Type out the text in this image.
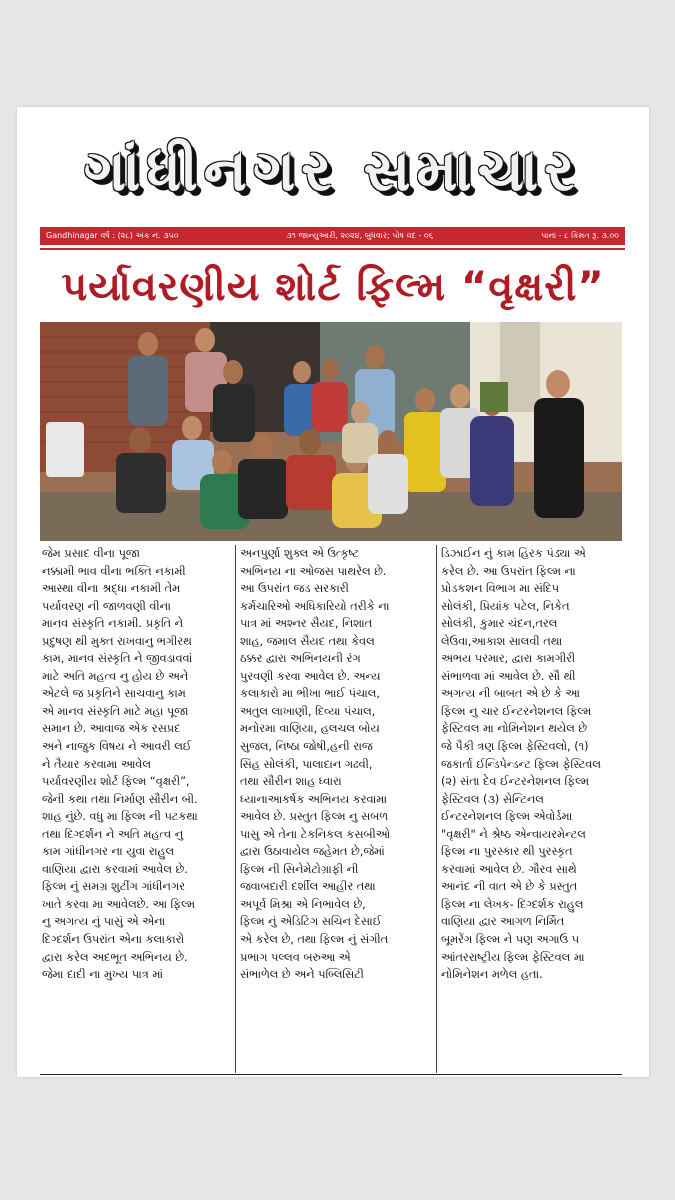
ગાંધીનગર સમાચાર
Gandhinagar વર્ષ : (૨૮) અંક નં. ૩૫૦	૩૧ જાન્યુઆરી, ૨૦૨૪, બુધવાર; પોષ વદ - ૦૬	પાનાં - ૮ કિંમત રૂ. ૩.૦૦
પર્યાવરણીય શોર્ટ ફિલ્મ “વૃક્ષરી”
જેમ પ્રસાદ વીના પૂજા
નક્કામી ભાવ વીના ભક્તિ નકામી
આસ્થા વીના શ્રદ્ધા નકામી તેમ
પર્યાવરણ ની જાળવણી વીના
માનવ સંસ્કૃતિ નકામી. પ્રકૃતિ ને
પ્રદુષણ થી મુક્ત રાખવાનુ ભગીરથ
કામ, માનવ સંસ્કૃતિ ને જીવડાવવાં
માટે અતિ મહત્વ નુ હોય છે અને
એટલે જ પ્રકૃતિને સાચવાનુ કામ
એ માનવ સંસ્કૃતિ માટે મહા પૂજા
સમાન છે. આવાજ એક રસપ્રદ
અને નાજુક વિષય ને આવરી લઈ
ને તૈયાર કરવામા આવેલ
પર્યાવરણીય શોર્ટ ફિલ્મ “વૃક્ષરી”,
જેની કથા તથા નિર્માણ સૌરીન બી.
શાહ નુંછે. વધુ મા ફિલ્મ ની પટકથા
તથા દિગ્દર્શન ને અતિ મહત્વ નુ
કામ ગાંધીનગર ના યુવા રાહુલ
વાણિયા દ્વારા કરવામાં આવેલ છે.
ફિલ્મ નું સમગ્ર શુટીંગ ગાંધીનગર
ખાતે કરવા મા આવેલછે. આ ફિલ્મ
નુ અગત્ય નું પાસું એ એના
દિગ્દર્શન ઉપરાંત એના કલાકારો
દ્વારા કરેલ અદભૂત અભિનય છે.
જેમા દાદી ના મુખ્ય પાત્ર માં
અનપુર્ણા શુક્લ એ ઉત્કૃષ્ટ
અભિનય ના ઓજસ પાથરેલ છે.
આ ઉપરાંત જડ સરકારી
કર્મચારિઓ અધિકારિયો તરીકે ના
પાત્ર માં અશ્નર સૈયદ, નિશાત
શાહ, જમાલ સૈયદ તથા કેવલ
ઠક્કર દ્વારા અભિનયની રંગ
પુરવણી કરવા આવેલ છે. અન્ય
કલાકારો મા ભીખા ભાઈ પંચાલ,
અતુલ લાખાણી, દિવ્યા પંચાલ,
મનોરમા વાણિયા, હલચલ બોય
સુજલ, નિષ્ઠા જોષી,હની રાજ
સિંહ સોલંકી, પાલાદાન ગઢવી,
તથા સૌરીન શાહ ધ્વારા
ધ્યાનાઆકર્ષક અભિનય કરવામા
આવેલ છે. પ્રસ્તુત ફિલ્મ નુ સબળ
પાસુ એ તેના ટેકનિકલ કસબીઓ
દ્વારા ઉઠાવાયેલ જહેમત છે,જેમાં
ફિલ્મ ની સિનેમેટોગ્રાફી ની
જવાબદારી દર્શીલ આહીર તથા
અપૂર્વ મિશ્રા એ નિભાવેલ છે,
ફિલ્મ નું એડિટિંગ સચિન દેસાઈ
એ કરેલ છે, તથા ફિલ્મ નું સંગીત
પ્રભાગ પલ્લવ બરુઆ એ
સંભાળેલ છે અને પબ્લિસિટી
ડિઝાઈન નું કામ હિરક પંડ્યા એ
કરેલ છે. આ ઉપરાંત ફિલ્મ ના
પ્રોડકશન વિભાગ મા સંદિપ
સોલંકી, પ્રિયાંક પટેલ, નિકેત
સોલંકી, કુમાર ચંદન,તરલ
લેઉવા,આકાશ સાલવી તથા
અભય પરમાર, દ્વારા કામગીરી
સંભાળવા માં આવેલ છે. સૌ થી
અગત્ય ની બાબત એ છે કે આ
ફિલ્મ નુ ચાર ઈન્ટરનેશનલ ફિલ્મ
ફેસ્ટિવલ મા નોમિનેશન થયેલ છે
જે પૈકી ત્રણ ફિલ્મ ફેસ્ટિવલો, (૧)
જકાર્તા ઈન્ડિપેન્ડન્ટ ફિલ્મ ફેસ્ટિવલ
(૨) સંતા દેવ ઈન્ટરનેશનલ ફિલ્મ
ફેસ્ટિવલ (૩) સેન્ટિનલ
ઈન્ટરનેશનલ ફિલ્મ એવોર્ડમા
"વૃક્ષરી" ને શ્રેષ્ઠ એન્વાયરમેન્ટલ
ફિલ્મ ના પુરસ્કાર થી પુરસ્કૃત
કરવામાં આવેલ છે. ગૌરવ સાથે
આનંદ ની વાત એ છે કે પ્રસ્તુત
ફિલ્મ ના લેખક- દિગ્દર્શક રાહુલ
વાણિયા દ્વાર આગળ નિર્મિત
બૂમરેંગ ફિલ્મ ને પણ અગાઉ ૫
આંતરરાષ્ટ્રીય ફિલ્મ ફેસ્ટિવલ મા
નોમિનેશન મળેલ હતા.
